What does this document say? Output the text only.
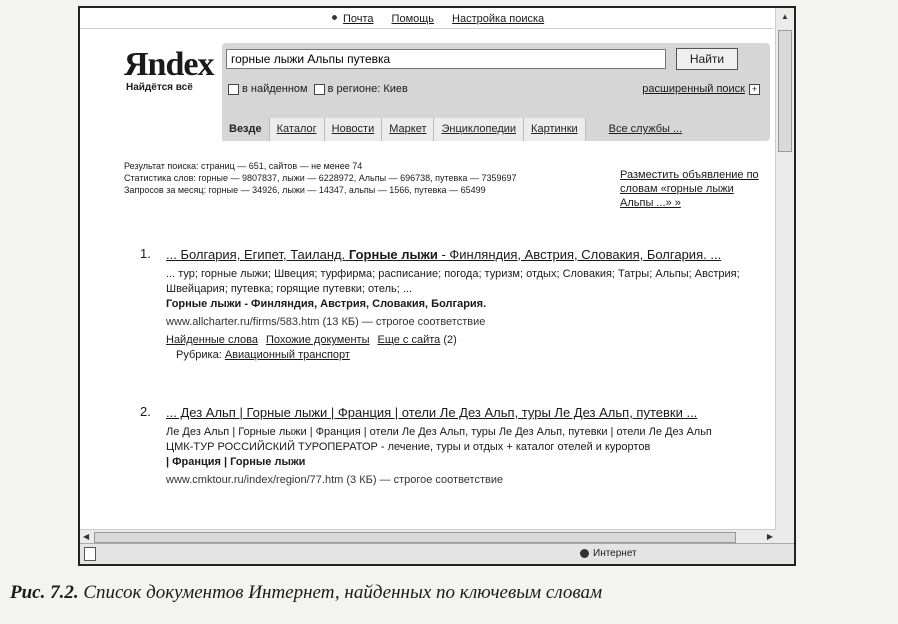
Почта Помощь Настройка поиска
Яndex
Найдётся всё
горные лыжи Альпы путевка
Найти
в найденном	в регионе: Киев	расширенный поиск +
Везде	Каталог	Новости	Маркет	Энциклопедии	Картинки	Все службы ...
Результат поиска: страниц — 651, сайтов — не менее 74
Статистика слов: горные — 9807837, лыжи — 6228972, Альпы — 696738, путевка — 7359697
Запросов за месяц: горные — 34926, лыжи — 14347, альпы — 1566, путевка — 65499
Разместить объявление по словам «горные лыжи Альпы ...» »
1. ... Болгария, Египет, Таиланд. Горные лыжи - Финляндия, Австрия, Словакия, Болгария. ...
... тур; горные лыжи; Швеция; турфирма; расписание; погода; туризм; отдых; Словакия; Татры; Альпы; Австрия; Швейцария; путевка; горящие путевки; отель; ...
Горные лыжи - Финляндия, Австрия, Словакия, Болгария.
www.allcharter.ru/firms/583.htm (13 КБ) — строгое соответствие
Найденные слова Похожие документы Еще с сайта (2)
Рубрика: Авиационный транспорт
2. ... Дез Альп | Горные лыжи | Франция | отели Ле Дез Альп, туры Ле Дез Альп, путевки ...
Ле Дез Альп | Горные лыжи | Франция | отели Ле Дез Альп, туры Ле Дез Альп, путевки | отели Ле Дез Альп ЦМК-ТУР РОССИЙСКИЙ ТУРОПЕРАТОР - лечение, туры и отдых + каталог отелей и курортов
| Франция | Горные лыжи
www.cmktour.ru/index/region/77.htm (3 КБ) — строгое соответствие
▲
◀	▶
Интернет
Рис. 7.2. Список документов Интернет, найденных по ключевым словам
